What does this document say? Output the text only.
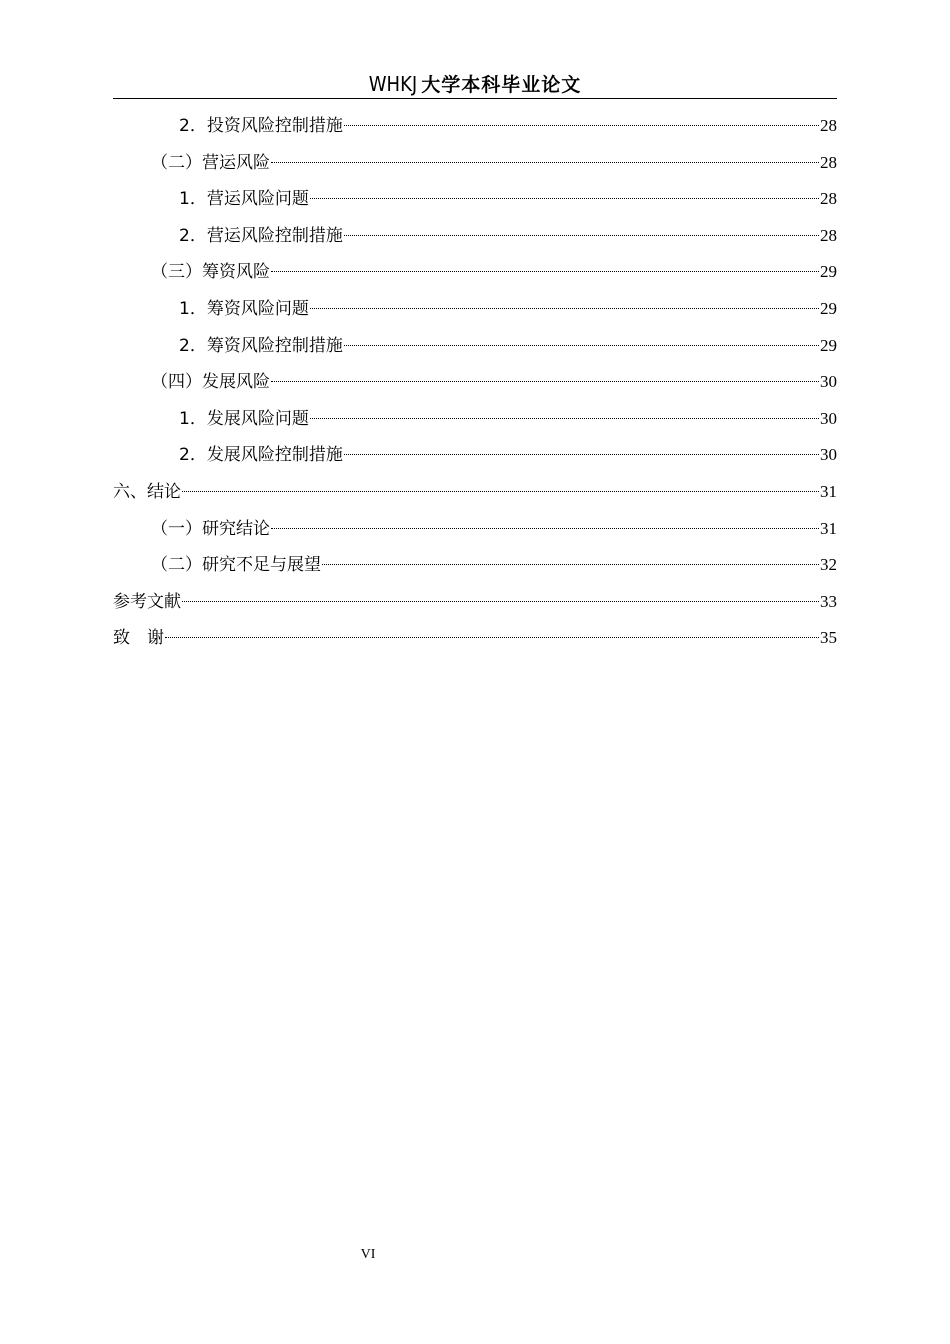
WHKJ 大学本科毕业论文
2．投资风险控制措施	28
（二）营运风险	28
1．营运风险问题	28
2．营运风险控制措施	28
（三）筹资风险	29
1．筹资风险问题	29
2．筹资风险控制措施	29
（四）发展风险	30
1．发展风险问题	30
2．发展风险控制措施	30
六、结论	31
（一）研究结论	31
（二）研究不足与展望	32
参考文献	33
致　谢	35
VI
